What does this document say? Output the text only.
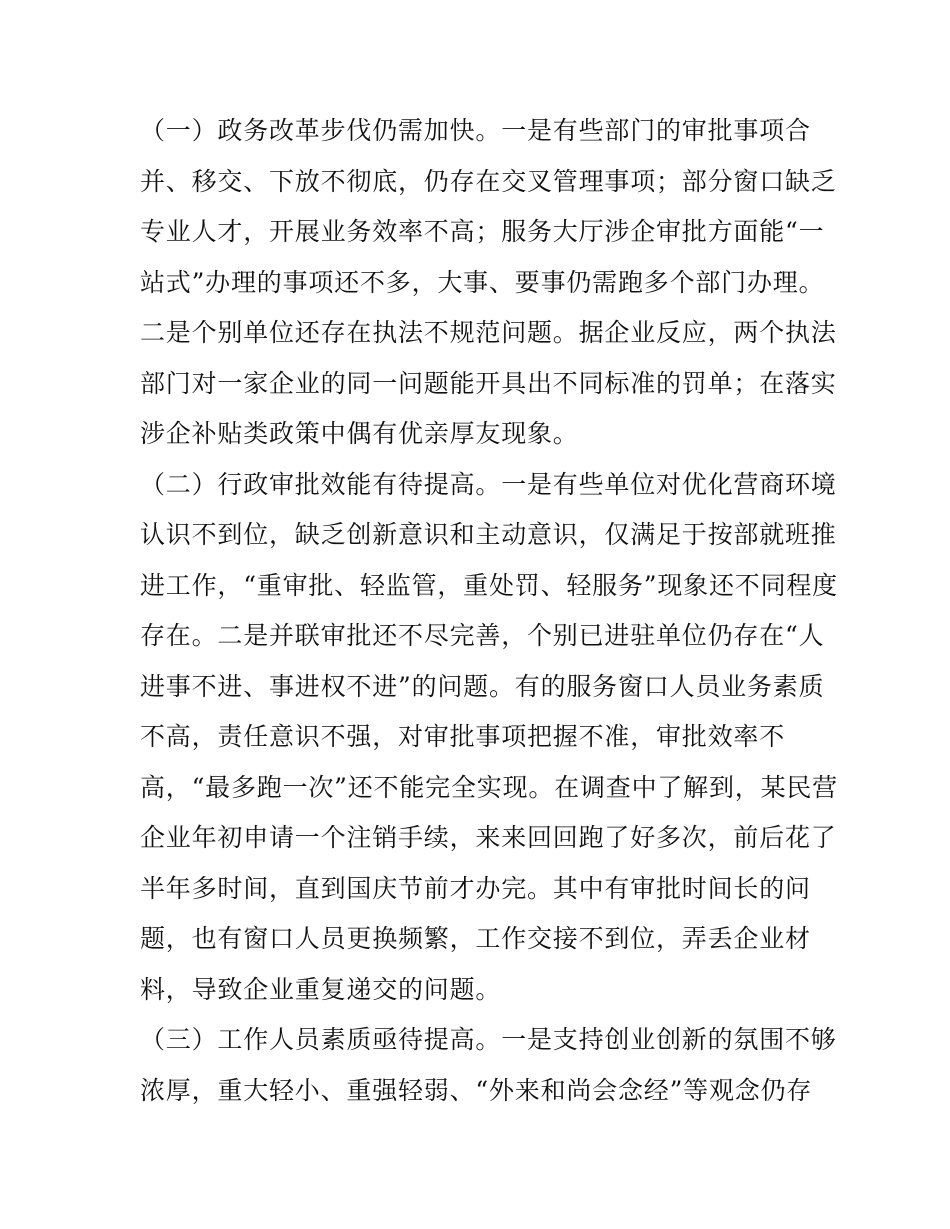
（一）政务改革步伐仍需加快。一是有些部门的审批事项合
并、移交、下放不彻底，仍存在交叉管理事项；部分窗口缺乏
专业人才，开展业务效率不高；服务大厅涉企审批方面能“一
站式”办理的事项还不多，大事、要事仍需跑多个部门办理。
二是个别单位还存在执法不规范问题。据企业反应，两个执法
部门对一家企业的同一问题能开具出不同标准的罚单；在落实
涉企补贴类政策中偶有优亲厚友现象。
（二）行政审批效能有待提高。一是有些单位对优化营商环境
认识不到位，缺乏创新意识和主动意识，仅满足于按部就班推
进工作，“重审批、轻监管，重处罚、轻服务”现象还不同程度
存在。二是并联审批还不尽完善，个别已进驻单位仍存在“人
进事不进、事进权不进”的问题。有的服务窗口人员业务素质
不高，责任意识不强，对审批事项把握不准，审批效率不
高，“最多跑一次”还不能完全实现。在调查中了解到，某民营
企业年初申请一个注销手续，来来回回跑了好多次，前后花了
半年多时间，直到国庆节前才办完。其中有审批时间长的问
题，也有窗口人员更换频繁，工作交接不到位，弄丢企业材
料，导致企业重复递交的问题。
（三）工作人员素质亟待提高。一是支持创业创新的氛围不够
浓厚，重大轻小、重强轻弱、“外来和尚会念经”等观念仍存
